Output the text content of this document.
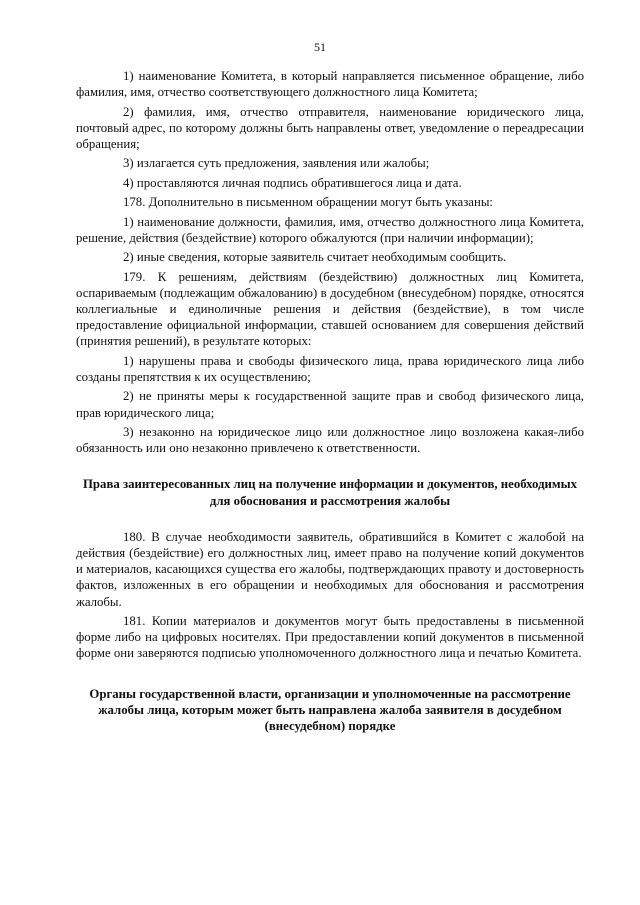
51

1) наименование Комитета, в который направляется письменное обращение, либо фамилия, имя, отчество соответствующего должностного лица Комитета;

2) фамилия, имя, отчество отправителя, наименование юридического лица, почтовый адрес, по которому должны быть направлены ответ, уведомление о переадресации обращения;

3) излагается суть предложения, заявления или жалобы;

4) проставляются личная подпись обратившегося лица и дата.

178. Дополнительно в письменном обращении могут быть указаны:

1) наименование должности, фамилия, имя, отчество должностного лица Комитета, решение, действия (бездействие) которого обжалуются (при наличии информации);

2) иные сведения, которые заявитель считает необходимым сообщить.

179. К решениям, действиям (бездействию) должностных лиц Комитета, оспариваемым (подлежащим обжалованию) в досудебном (внесудебном) порядке, относятся коллегиальные и единоличные решения и действия (бездействие), в том числе предоставление официальной информации, ставшей основанием для совершения действий (принятия решений), в результате которых:

1) нарушены права и свободы физического лица, права юридического лица либо созданы препятствия к их осуществлению;

2) не приняты меры к государственной защите прав и свобод физического лица, прав юридического лица;

3) незаконно на юридическое лицо или должностное лицо возложена какая-либо обязанность или оно незаконно привлечено к ответственности.

Права заинтересованных лиц на получение информации и документов, необходимых для обоснования и рассмотрения жалобы

180. В случае необходимости заявитель, обратившийся в Комитет с жалобой на действия (бездействие) его должностных лиц, имеет право на получение копий документов и материалов, касающихся существа его жалобы, подтверждающих правоту и достоверность фактов, изложенных в его обращении и необходимых для обоснования и рассмотрения жалобы.

181. Копии материалов и документов могут быть предоставлены в письменной форме либо на цифровых носителях. При предоставлении копий документов в письменной форме они заверяются подписью уполномоченного должностного лица и печатью Комитета.

Органы государственной власти, организации и уполномоченные на рассмотрение жалобы лица, которым может быть направлена жалоба заявителя в досудебном (внесудебном) порядке
